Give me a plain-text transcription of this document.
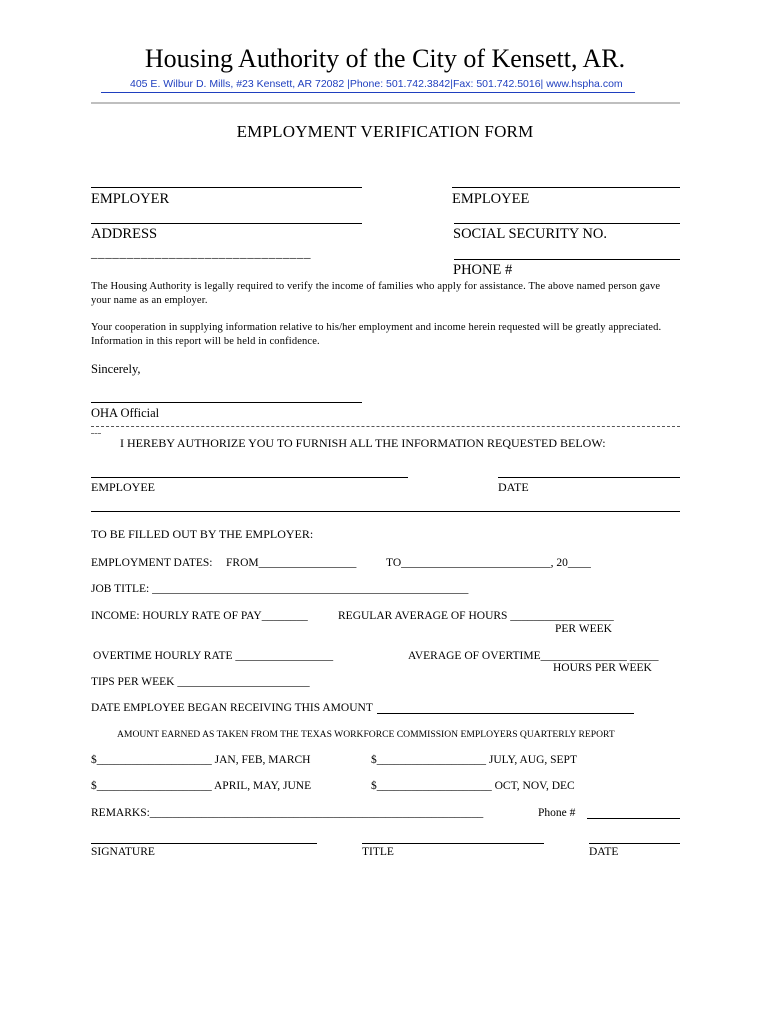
Housing Authority of the City of Kensett, AR.
405 E. Wilbur D. Mills, #23 Kensett, AR 72082 |Phone: 501.742.3842|Fax: 501.742.5016| www.hspha.com
EMPLOYMENT VERIFICATION FORM
EMPLOYER	EMPLOYEE
ADDRESS	SOCIAL SECURITY NO.
_______________________________
PHONE #
The Housing Authority is legally required to verify the income of families who apply for assistance. The above named person gave your name as an employer.
Your cooperation in supplying information relative to his/her employment and income herein requested will be greatly appreciated. Information in this report will be held in confidence.
Sincerely,
OHA Official
I HEREBY AUTHORIZE YOU TO FURNISH ALL THE INFORMATION REQUESTED BELOW:
EMPLOYEE	DATE
TO BE FILLED OUT BY THE EMPLOYER:
EMPLOYMENT DATES: FROM_________________	TO__________________________, 20____
JOB TITLE: _______________________________________________________
INCOME: HOURLY RATE OF PAY________	REGULAR AVERAGE OF HOURS __________________
PER WEEK
OVERTIME HOURLY RATE _________________	AVERAGE OF OVERTIME_______________ _____
HOURS PER WEEK
TIPS PER WEEK _______________________
DATE EMPLOYEE BEGAN RECEIVING THIS AMOUNT
AMOUNT EARNED AS TAKEN FROM THE TEXAS WORKFORCE COMMISSION EMPLOYERS QUARTERLY REPORT
$____________________ JAN, FEB, MARCH	$___________________ JULY, AUG, SEPT
$____________________ APRIL, MAY, JUNE	$____________________ OCT, NOV, DEC
REMARKS:__________________________________________________________	Phone #
SIGNATURE	TITLE	DATE
